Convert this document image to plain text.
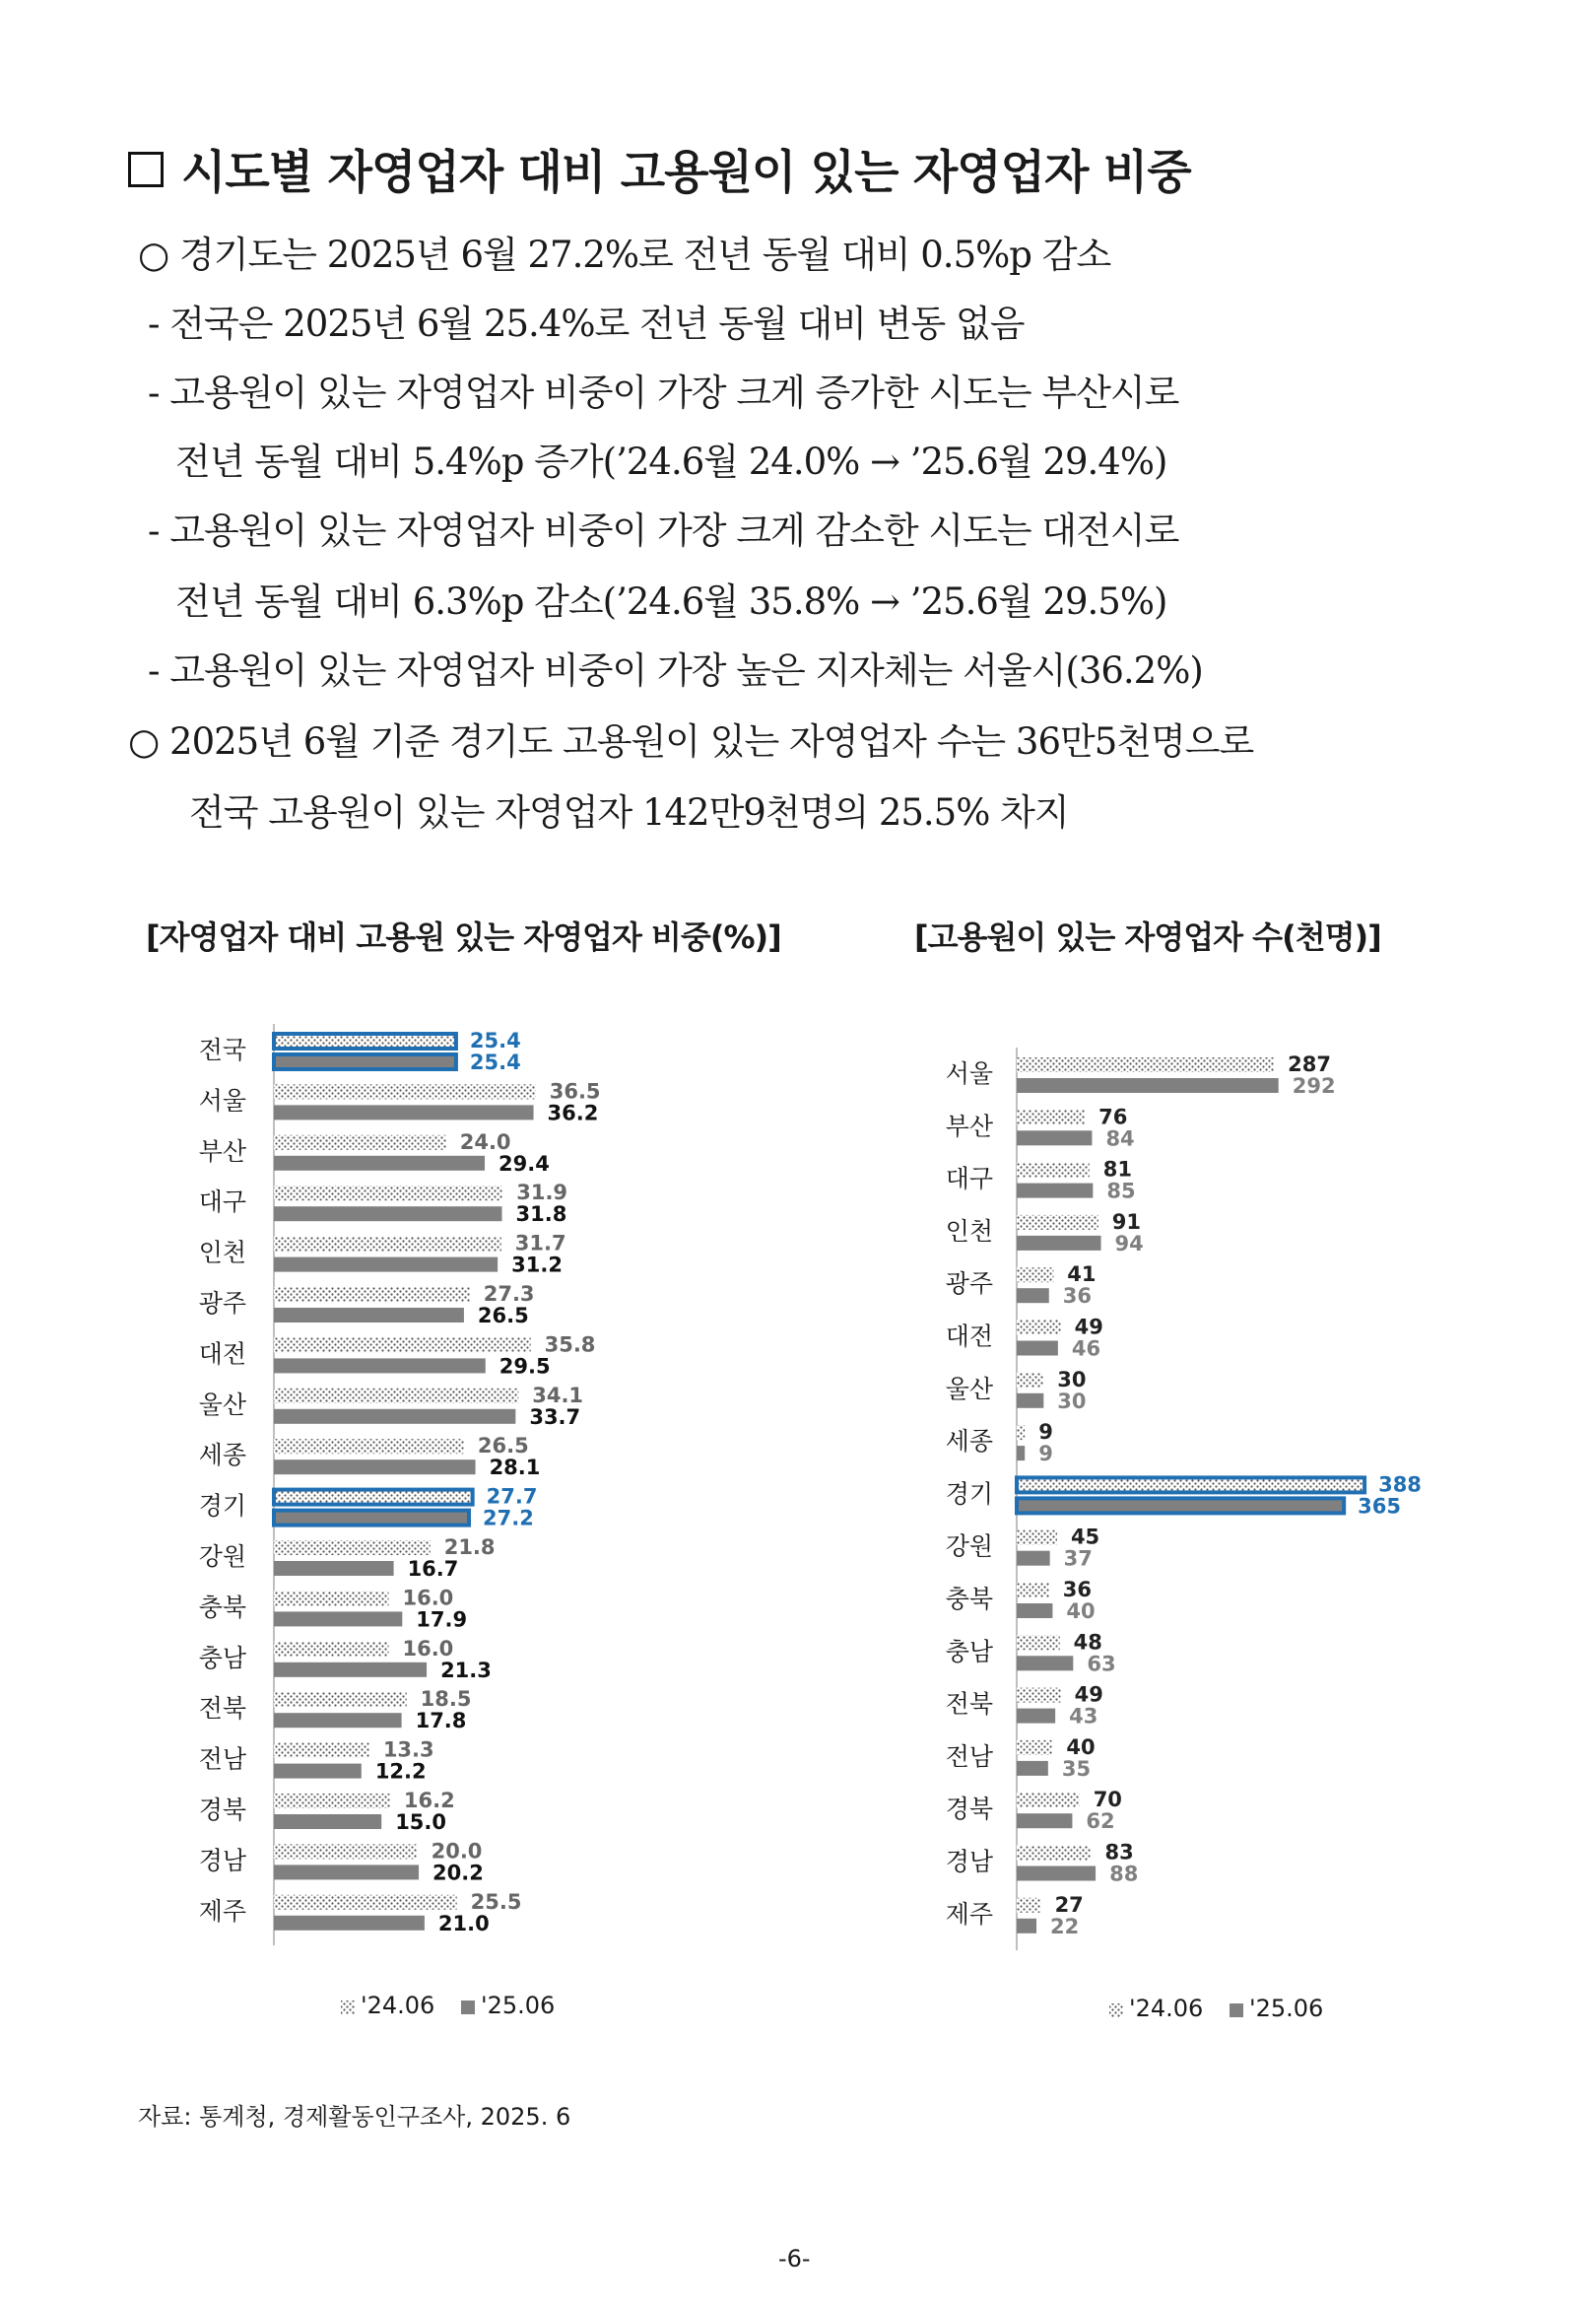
시도별 자영업자 대비 고용원이 있는 자영업자 비중
○ 경기도는 2025년 6월 27.2%로 전년 동월 대비 0.5%p 감소
- 전국은 2025년 6월 25.4%로 전년 동월 대비 변동 없음
- 고용원이 있는 자영업자 비중이 가장 크게 증가한 시도는 부산시로
전년 동월 대비 5.4%p 증가(’24.6월 24.0% → ’25.6월 29.4%)
- 고용원이 있는 자영업자 비중이 가장 크게 감소한 시도는 대전시로
전년 동월 대비 6.3%p 감소(’24.6월 35.8% → ’25.6월 29.5%)
- 고용원이 있는 자영업자 비중이 가장 높은 지자체는 서울시(36.2%)
○ 2025년 6월 기준 경기도 고용원이 있는 자영업자 수는 36만5천명으로
전국 고용원이 있는 자영업자 142만9천명의 25.5% 차지
[자영업자 대비 고용원 있는 자영업자 비중(%)]	[고용원이 있는 자영업자 수(천명)]
전국	25.4
25.4
서울	36.5
36.2
부산	24.0
29.4
대구	31.9
31.8
인천	31.7
31.2
광주	27.3
26.5
대전	35.8
29.5
울산	34.1
33.7
세종	26.5
28.1
경기	27.7
27.2
강원	21.8
16.7
충북	16.0
17.9
충남	16.0
21.3
전북	18.5
17.8
전남	13.3
12.2
경북	16.2
15.0
경남	20.0
20.2
제주	25.5
21.0
'24.06 '25.06
서울	287
292
부산	76
84
대구	81
85
인천	91
94
광주	41
36
대전	49
46
울산	30
30
세종 9
9
경기	388
365
강원	45
37
충북	36
40
충남	48
63
전북	49
43
전남	40
35
경북	70
62
경남	83
88
제주	27
22
'24.06 '25.06
자료: 통계청, 경제활동인구조사, 2025. 6
-6-
